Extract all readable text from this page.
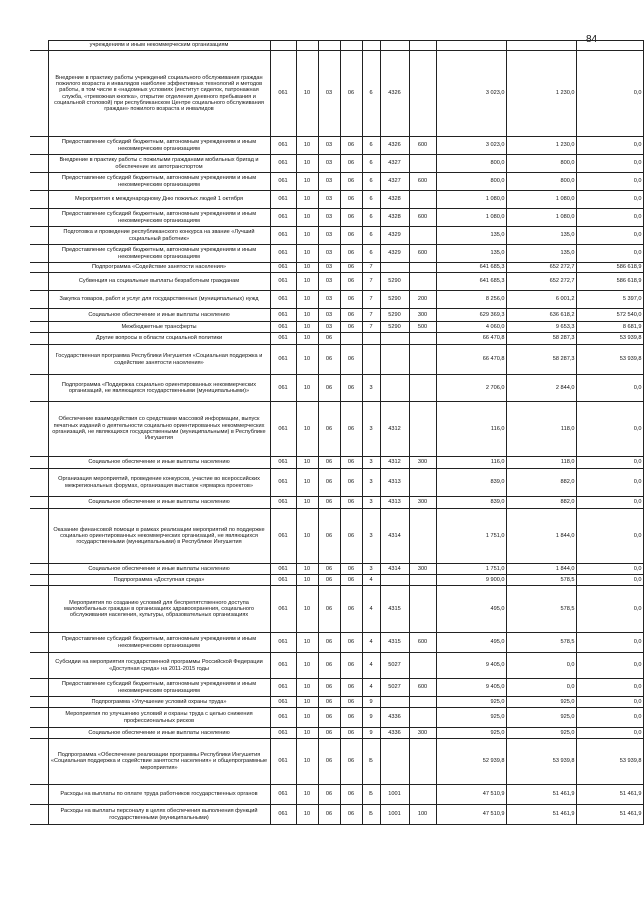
84
	учреждениям и иным некоммерческим организациям										
	Внедрение в практику работы учреждений социального обслуживания граждан пожилого возраста и инвалидов наиболее эффективных технологий и методов работы, в том числе в «надомных условиях (институт сиделок, патронажная служба, «тревожная кнопка», открытие отделения дневного пребывания и социальной столовой) при республиканском Центре социального обслуживания граждан» пожилого возраста и инвалидов	061	10	03	06	6	4326		3 023,0	1 230,0	0,0
	Предоставление субсидий бюджетным, автономным учреждениям и иным некоммерческим организациям	061	10	03	06	6	4326	600	3 023,0	1 230,0	0,0
	Внедрение в практику работы с пожилыми гражданами мобильных бригад и обеспечение их автотранспортом	061	10	03	06	6	4327		800,0	800,0	0,0
	Предоставление субсидий бюджетным, автономным учреждениям и иным некоммерческим организациям	061	10	03	06	6	4327	600	800,0	800,0	0,0
	Мероприятия к международному Дню пожилых людей 1 октября	061	10	03	06	6	4328		1 080,0	1 080,0	0,0
	Предоставление субсидий бюджетным, автономным учреждениям и иным некоммерческим организациям	061	10	03	06	6	4328	600	1 080,0	1 080,0	0,0
	Подготовка и проведение республиканского конкурса на звание «Лучший социальный работник»	061	10	03	06	6	4329		135,0	135,0	0,0
	Предоставление субсидий бюджетным, автономным учреждениям и иным некоммерческим организациям	061	10	03	06	6	4329	600	135,0	135,0	0,0
	Подпрограмма «Содействие занятости населения»	061	10	03	06	7			641 685,3	652 272,7	586 618,9
	Субвенция на социальные выплаты безработным гражданам	061	10	03	06	7	5290		641 685,3	652 272,7	586 618,9
	Закупка товаров, работ и услуг для государственных (муниципальных) нужд	061	10	03	06	7	5290	200	8 256,0	6 001,2	5 397,0
	Социальное обеспечение и иные выплаты населению	061	10	03	06	7	5290	300	629 369,3	636 618,2	572 540,0
	Межбюджетные трансферты	061	10	03	06	7	5290	500	4 060,0	9 653,3	8 681,9
	Другие вопросы в области социальной политики	061	10	06					66 470,8	58 287,3	53 939,8
	Государственная программа Республики Ингушетия «Социальная поддержка и содействие занятости населения»	061	10	06	06				66 470,8	58 287,3	53 939,8
	Подпрограмма «Поддержка социально ориентированных некоммерческих организаций, не являющихся государственными (муниципальными)»	061	10	06	06	3			2 706,0	2 844,0	0,0
	Обеспечение взаимодействия со средствами массовой информации, выпуск печатных изданий о деятельности социально ориентированных некоммерческих организаций, не являющихся государственными (муниципальными) в Республике Ингушетия	061	10	06	06	3	4312		116,0	118,0	0,0
	Социальное обеспечение и иные выплаты населению	061	10	06	06	3	4312	300	116,0	118,0	0,0
	Организация мероприятий, проведение конкурсов, участие во всероссийских межрегиональных форумах, организация выставок «ярмарка проектов»	061	10	06	06	3	4313		839,0	882,0	0,0
	Социальное обеспечение и иные выплаты населению	061	10	06	06	3	4313	300	839,0	882,0	0,0
	Оказание финансовой помощи в рамках реализации мероприятий по поддержке социально ориентированных некоммерческих организаций, не являющихся государственными (муниципальными) в Республике Ингушетия	061	10	06	06	3	4314		1 751,0	1 844,0	0,0
	Социальное обеспечение и иные выплаты населению	061	10	06	06	3	4314	300	1 751,0	1 844,0	0,0
	Подпрограмма «Доступная среда»	061	10	06	06	4			9 900,0	578,5	0,0
	Мероприятия по созданию условий для беспрепятственного доступа маломобильных граждан в организациях здравоохранения, социального обслуживания населения, культуры, образовательных организациях	061	10	06	06	4	4315		495,0	578,5	0,0
	Предоставление субсидий бюджетным, автономным учреждениям и иным некоммерческим организациям	061	10	06	06	4	4315	600	495,0	578,5	0,0
	Субсидии на мероприятия государственной программы Российской Федерации «Доступная среда» на 2011-2015 годы	061	10	06	06	4	5027		9 405,0	0,0	0,0
	Предоставление субсидий бюджетным, автономным учреждениям и иным некоммерческим организациям	061	10	06	06	4	5027	600	9 405,0	0,0	0,0
	Подпрограмма «Улучшение условий охраны труда»	061	10	06	06	9			925,0	925,0	0,0
	Мероприятия по улучшению условий и охраны труда с целью снижения профессиональных рисков	061	10	06	06	9	4336		925,0	925,0	0,0
	Социальное обеспечение и иные выплаты населению	061	10	06	06	9	4336	300	925,0	925,0	0,0
	Подпрограмма «Обеспечение реализации программы Республики Ингушетия «Социальная поддержка и содействие занятости населения» и общепрограммные мероприятия»	061	10	06	06	Б			52 939,8	53 939,8	53 939,8
	Расходы на выплаты по оплате труда работников государственных органов	061	10	06	06	Б	1001		47 510,9	51 461,9	51 461,9
	Расходы на выплаты персоналу в целях обеспечения выполнения функций государственными (муниципальными)	061	10	06	06	Б	1001	100	47 510,9	51 461,9	51 461,9
